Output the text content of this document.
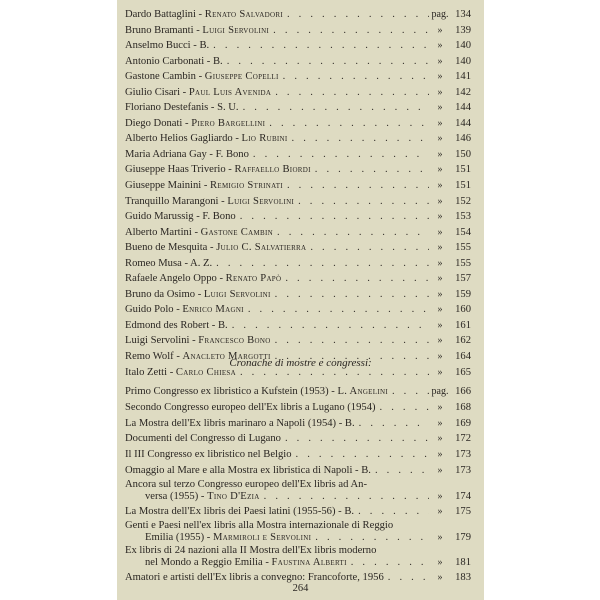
Dardo Battaglini - Renato Salvadori . . .	pag. 134
Bruno Bramanti - Luigi Servolini . . .	»	139
Anselmo Bucci - B. . . .	»	140
Antonio Carbonati - B. . . .	»	140
Gastone Cambin - Giuseppe Copelli . . .	»	141
Giulio Cisari - Paul Luis Avenida . . .	»	142
Floriano Destefanis - S. U. . . .	»	144
Diego Donati - Piero Bargellini . . .	»	144
Alberto Helios Gagliardo - Lio Rubini . . .	»	146
Maria Adriana Gay - F. Bono . . .	»	150
Giuseppe Haas Triverio - Raffaello Biordi . . .	»	151
Giuseppe Mainini - Remigio Strinati . . .	»	151
Tranquillo Marangoni - Luigi Servolini . . .	»	152
Guido Marussig - F. Bono . . .	»	153
Alberto Martini - Gastone Cambin . . .	»	154
Bueno de Mesquita - Julio C. Salvatierra . . .	»	155
Romeo Musa - A. Z. . . .	»	155
Rafaele Angelo Oppo - Renato Papò . . .	»	157
Bruno da Osimo - Luigi Servolini . . .	»	159
Guido Polo - Enrico Magni . . .	»	160
Edmond des Robert - B. . . .	»	161
Luigi Servolini - Francesco Bono . . .	»	162
Remo Wolf - Anacleto Margotti . . .	»	164
Italo Zetti - Carlo Chiesa . . .	»	165
Cronache di mostre e congressi:
Primo Congresso ex libristico a Kufstein (1953) - L. Angelini . . .	pag. 166
Secondo Congresso europeo dell'Ex libris a Lugano (1954) . . .	»	168
La Mostra dell'Ex libris marinaro a Napoli (1954) - B. . . .	»	169
Documenti del Congresso di Lugano . . .	»	172
Il III Congresso ex libristico nel Belgio . . .	»	173
Omaggio al Mare e alla Mostra ex libristica di Napoli - B. . . .	»	173
Ancora sul terzo Congresso europeo dell'Ex libris ad An-
versa (1955) - Tino D'Ezia . . .	»	174
La Mostra dell'Ex libris dei Paesi latini (1955-56) - B. . . .	»	175
Genti e Paesi nell'ex libris alla Mostra internazionale di Reggio
Emilia (1955) - Marmiroli e Servolini . . .	»	179
Ex libris di 24 nazioni alla II Mostra dell'Ex libris moderno
nel Mondo a Reggio Emilia - Faustina Alberti . . .	»	181
Amatori e artisti dell'Ex libris a convegno: Francoforte, 1956 . . .	»	183
264
